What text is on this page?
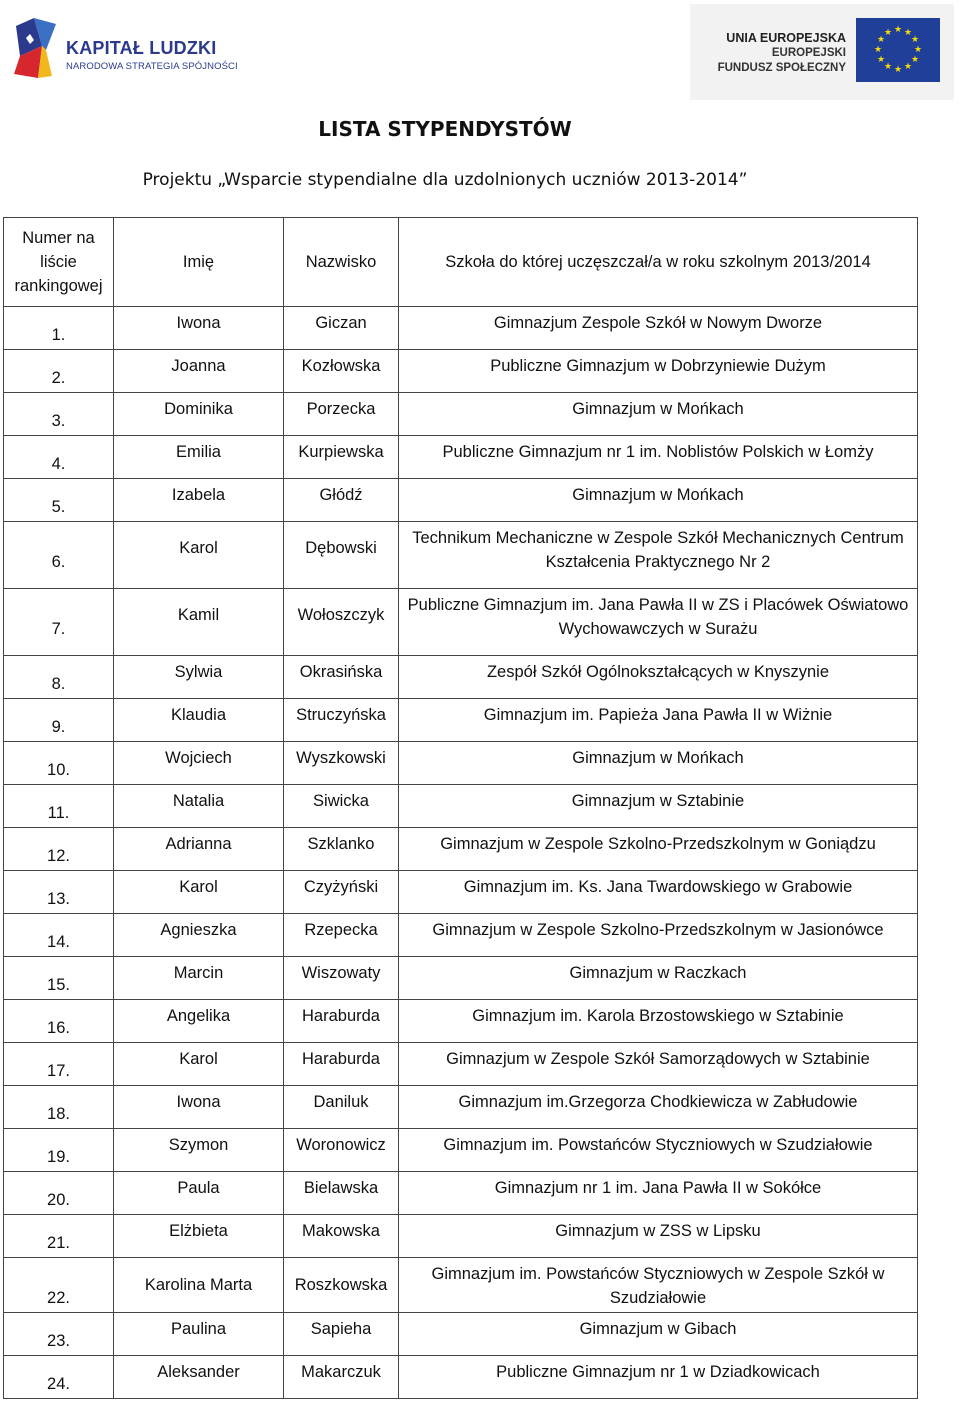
KAPITAŁ LUDZKI
NARODOWA STRATEGIA SPÓJNOŚCI
UNIA EUROPEJSKA
EUROPEJSKI
FUNDUSZ SPOŁECZNY
★ ★
★
★
★
★
★
★
★
★
★
★
LISTA STYPENDYSTÓW
Projektu „Wsparcie stypendialne dla uzdolnionych uczniów 2013-2014”
Numer na liście rankingowej	Imię	Nazwisko	Szkoła do której uczęszczał/a w roku szkolnym 2013/2014
1.	Iwona	Giczan	Gimnazjum Zespole Szkół w Nowym Dworze
2.	Joanna	Kozłowska	Publiczne Gimnazjum w Dobrzyniewie Dużym
3.	Dominika	Porzecka	Gimnazjum w Mońkach
4.	Emilia	Kurpiewska	Publiczne Gimnazjum nr 1 im. Noblistów Polskich w Łomży
5.	Izabela	Głódź	Gimnazjum w Mońkach
6.	Karol	Dębowski	Technikum Mechaniczne w Zespole Szkół Mechanicznych Centrum Kształcenia Praktycznego Nr 2
7.	Kamil	Wołoszczyk	Publiczne Gimnazjum im. Jana Pawła II w ZS i Placówek Oświatowo Wychowawczych w Surażu
8.	Sylwia	Okrasińska	Zespół Szkół Ogólnokształcących w Knyszynie
9.	Klaudia	Struczyńska	Gimnazjum im. Papieża Jana Pawła II w Wiżnie
10.	Wojciech	Wyszkowski	Gimnazjum w Mońkach
11.	Natalia	Siwicka	Gimnazjum w Sztabinie
12.	Adrianna	Szklanko	Gimnazjum w Zespole Szkolno-Przedszkolnym w Goniądzu
13.	Karol	Czyżyński	Gimnazjum im. Ks. Jana Twardowskiego w Grabowie
14.	Agnieszka	Rzepecka	Gimnazjum w Zespole Szkolno-Przedszkolnym w Jasionówce
15.	Marcin	Wiszowaty	Gimnazjum w Raczkach
16.	Angelika	Haraburda	Gimnazjum im. Karola Brzostowskiego w Sztabinie
17.	Karol	Haraburda	Gimnazjum w Zespole Szkół Samorządowych w Sztabinie
18.	Iwona	Daniluk	Gimnazjum im.Grzegorza Chodkiewicza w Zabłudowie
19.	Szymon	Woronowicz	Gimnazjum im. Powstańców Styczniowych w Szudziałowie
20.	Paula	Bielawska	Gimnazjum nr 1 im. Jana Pawła II w Sokółce
21.	Elżbieta	Makowska	Gimnazjum w ZSS w Lipsku
22.	Karolina Marta	Roszkowska	Gimnazjum im. Powstańców Styczniowych w Zespole Szkół w Szudziałowie
23.	Paulina	Sapieha	Gimnazjum w Gibach
24.	Aleksander	Makarczuk	Publiczne Gimnazjum nr 1 w Dziadkowicach
